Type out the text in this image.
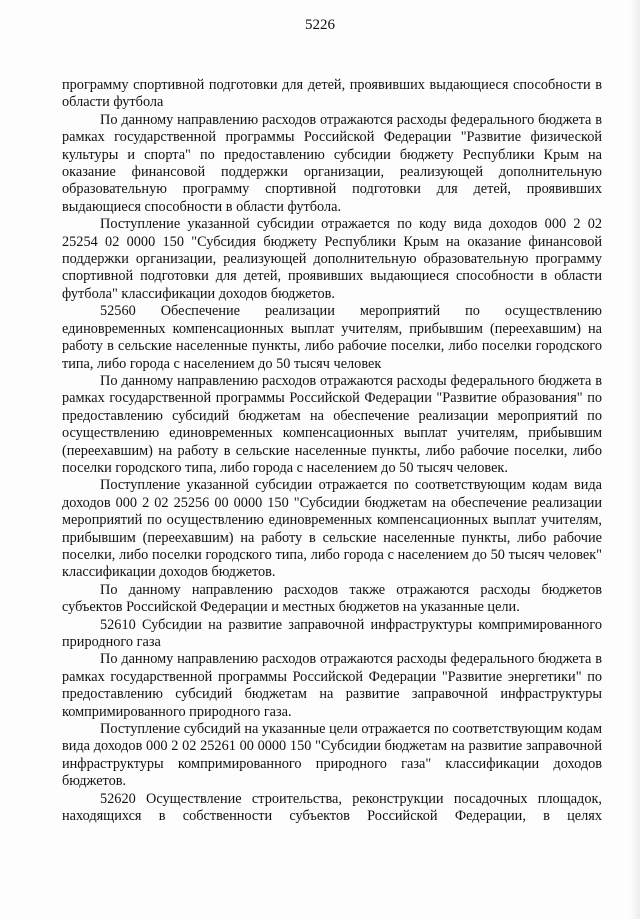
5226

программу спортивной подготовки для детей, проявивших выдающиеся способности в области футбола

По данному направлению расходов отражаются расходы федерального бюджета в рамках государственной программы Российской Федерации "Развитие физической культуры и спорта" по предоставлению субсидии бюджету Республики Крым на оказание финансовой поддержки организации, реализующей дополнительную образовательную программу спортивной подготовки для детей, проявивших выдающиеся способности в области футбола.

Поступление указанной субсидии отражается по коду вида доходов 000 2 02 25254 02 0000 150 "Субсидия бюджету Республики Крым на оказание финансовой поддержки организации, реализующей дополнительную образовательную программу спортивной подготовки для детей, проявивших выдающиеся способности в области футбола" классификации доходов бюджетов.

52560 Обеспечение реализации мероприятий по осуществлению единовременных компенсационных выплат учителям, прибывшим (переехавшим) на работу в сельские населенные пункты, либо рабочие поселки, либо поселки городского типа, либо города с населением до 50 тысяч человек

По данному направлению расходов отражаются расходы федерального бюджета в рамках государственной программы Российской Федерации "Развитие образования" по предоставлению субсидий бюджетам на обеспечение реализации мероприятий по осуществлению единовременных компенсационных выплат учителям, прибывшим (переехавшим) на работу в сельские населенные пункты, либо рабочие поселки, либо поселки городского типа, либо города с населением до 50 тысяч человек.

Поступление указанной субсидии отражается по соответствующим кодам вида доходов 000 2 02 25256 00 0000 150 "Субсидии бюджетам на обеспечение реализации мероприятий по осуществлению единовременных компенсационных выплат учителям, прибывшим (переехавшим) на работу в сельские населенные пункты, либо рабочие поселки, либо поселки городского типа, либо города с населением до 50 тысяч человек" классификации доходов бюджетов.

По данному направлению расходов также отражаются расходы бюджетов субъектов Российской Федерации и местных бюджетов на указанные цели.

52610 Субсидии на развитие заправочной инфраструктуры компримированного природного газа

По данному направлению расходов отражаются расходы федерального бюджета в рамках государственной программы Российской Федерации "Развитие энергетики" по предоставлению субсидий бюджетам на развитие заправочной инфраструктуры компримированного природного газа.

Поступление субсидий на указанные цели отражается по соответствующим кодам вида доходов 000 2 02 25261 00 0000 150 "Субсидии бюджетам на развитие заправочной инфраструктуры компримированного природного газа" классификации доходов бюджетов.

52620 Осуществление строительства, реконструкции посадочных площадок, находящихся в собственности субъектов Российской Федерации, в целях
